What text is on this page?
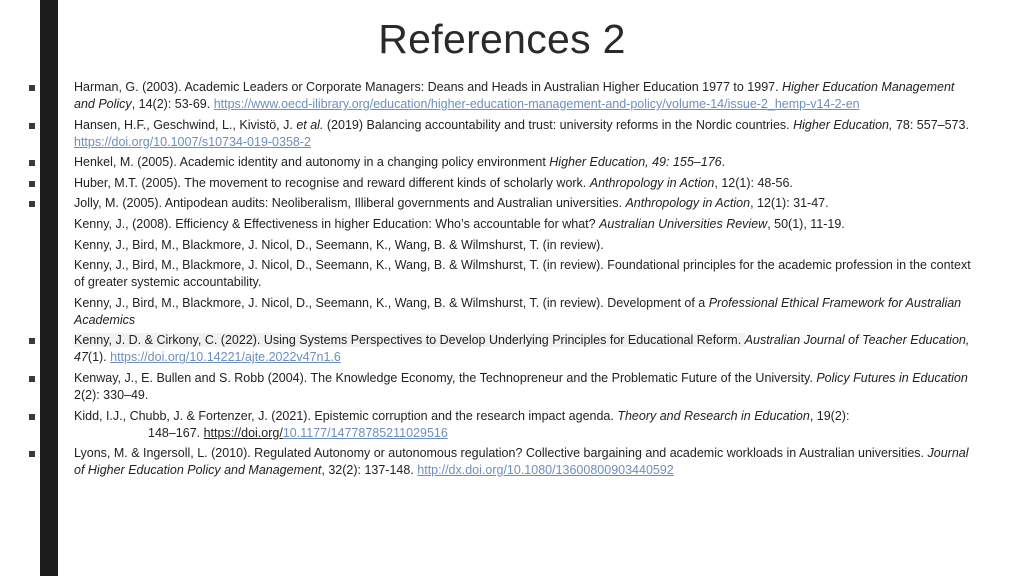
References 2
Harman, G. (2003). Academic Leaders or Corporate Managers: Deans and Heads in Australian Higher Education 1977 to 1997. Higher Education Management and Policy, 14(2): 53-69. https://www.oecd-ilibrary.org/education/higher-education-management-and-policy/volume-14/issue-2_hemp-v14-2-en
Hansen, H.F., Geschwind, L., Kivistö, J. et al. (2019) Balancing accountability and trust: university reforms in the Nordic countries. Higher Education, 78: 557–573. https://doi.org/10.1007/s10734-019-0358-2
Henkel, M. (2005). Academic identity and autonomy in a changing policy environment Higher Education, 49: 155–176.
Huber, M.T. (2005). The movement to recognise and reward different kinds of scholarly work. Anthropology in Action, 12(1): 48-56.
Jolly, M. (2005). Antipodean audits: Neoliberalism, Illiberal governments and Australian universities. Anthropology in Action, 12(1): 31-47.
Kenny, J., (2008). Efficiency & Effectiveness in higher Education: Who’s accountable for what? Australian Universities Review, 50(1), 11-19.
Kenny, J., Bird, M., Blackmore, J. Nicol, D., Seemann, K., Wang, B. & Wilmshurst, T. (in review).
Kenny, J., Bird, M., Blackmore, J. Nicol, D., Seemann, K., Wang, B. & Wilmshurst, T. (in review). Foundational principles for the academic profession in the context of greater systemic accountability.
Kenny, J., Bird, M., Blackmore, J. Nicol, D., Seemann, K., Wang, B. & Wilmshurst, T. (in review). Development of a Professional Ethical Framework for Australian Academics
Kenny, J. D. & Cirkony, C. (2022). Using Systems Perspectives to Develop Underlying Principles for Educational Reform. Australian Journal of Teacher Education, 47(1). https://doi.org/10.14221/ajte.2022v47n1.6
Kenway, J., E. Bullen and S. Robb (2004). The Knowledge Economy, the Technopreneur and the Problematic Future of the University. Policy Futures in Education 2(2): 330–49.
Kidd, I.J., Chubb, J. & Fortenzer, J. (2021). Epistemic corruption and the research impact agenda. Theory and Research in Education, 19(2):
148–167. https://doi.org/10.1177/14778785211029516
Lyons, M. & Ingersoll, L. (2010). Regulated Autonomy or autonomous regulation? Collective bargaining and academic workloads in Australian universities. Journal of Higher Education Policy and Management, 32(2): 137-148. http://dx.doi.org/10.1080/13600800903440592
